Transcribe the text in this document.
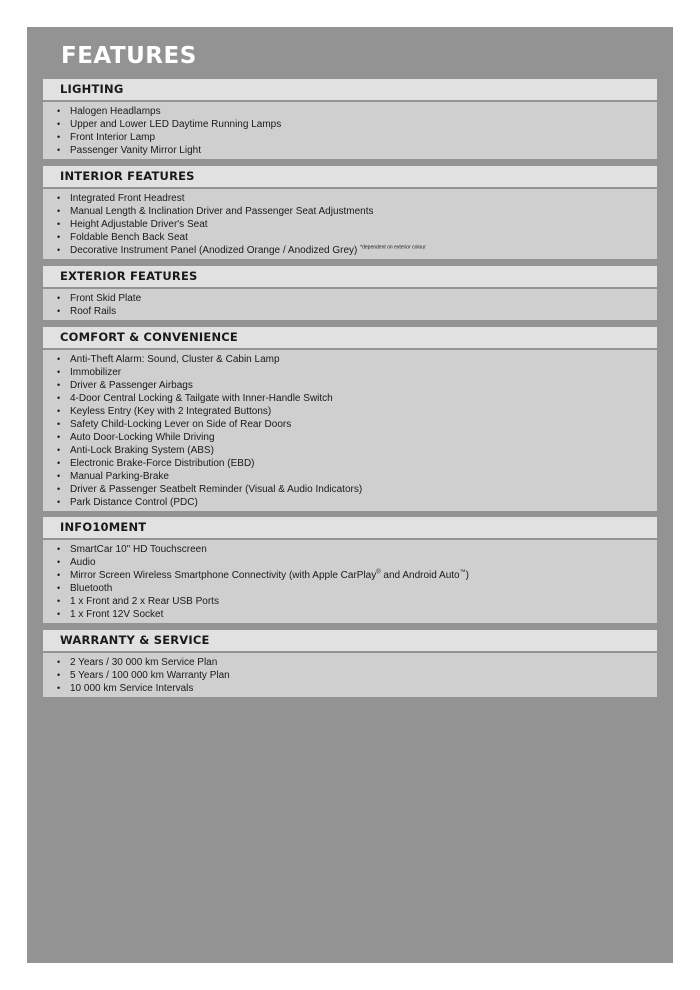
FEATURES
LIGHTING
• Halogen Headlamps
• Upper and Lower LED Daytime Running Lamps
• Front Interior Lamp
• Passenger Vanity Mirror Light
INTERIOR FEATURES
• Integrated Front Headrest
• Manual Length & Inclination Driver and Passenger Seat Adjustments
• Height Adjustable Driver's Seat
• Foldable Bench Back Seat
• Decorative Instrument Panel (Anodized Orange / Anodized Grey) $^{*dependent on exterior colour}$
EXTERIOR FEATURES
• Front Skid Plate
• Roof Rails
COMFORT & CONVENIENCE
• Anti-Theft Alarm: Sound, Cluster & Cabin Lamp
• Immobilizer
• Driver & Passenger Airbags
• 4-Door Central Locking & Tailgate with Inner-Handle Switch
• Keyless Entry (Key with 2 Integrated Buttons)
• Safety Child-Locking Lever on Side of Rear Doors
• Auto Door-Locking While Driving
• Anti-Lock Braking System (ABS)
• Electronic Brake-Force Distribution (EBD)
• Manual Parking-Brake
• Driver & Passenger Seatbelt Reminder (Visual & Audio Indicators)
• Park Distance Control (PDC)
INFO10MENT
• SmartCar 10" HD Touchscreen
• Audio
• Mirror Screen Wireless Smartphone Connectivity (with Apple CarPlay® and Android Auto™)
• Bluetooth
• 1 x Front and 2 x Rear USB Ports
• 1 x Front 12V Socket
WARRANTY & SERVICE
• 2 Years / 30 000 km Service Plan
• 5 Years / 100 000 km Warranty Plan
• 10 000 km Service Intervals
